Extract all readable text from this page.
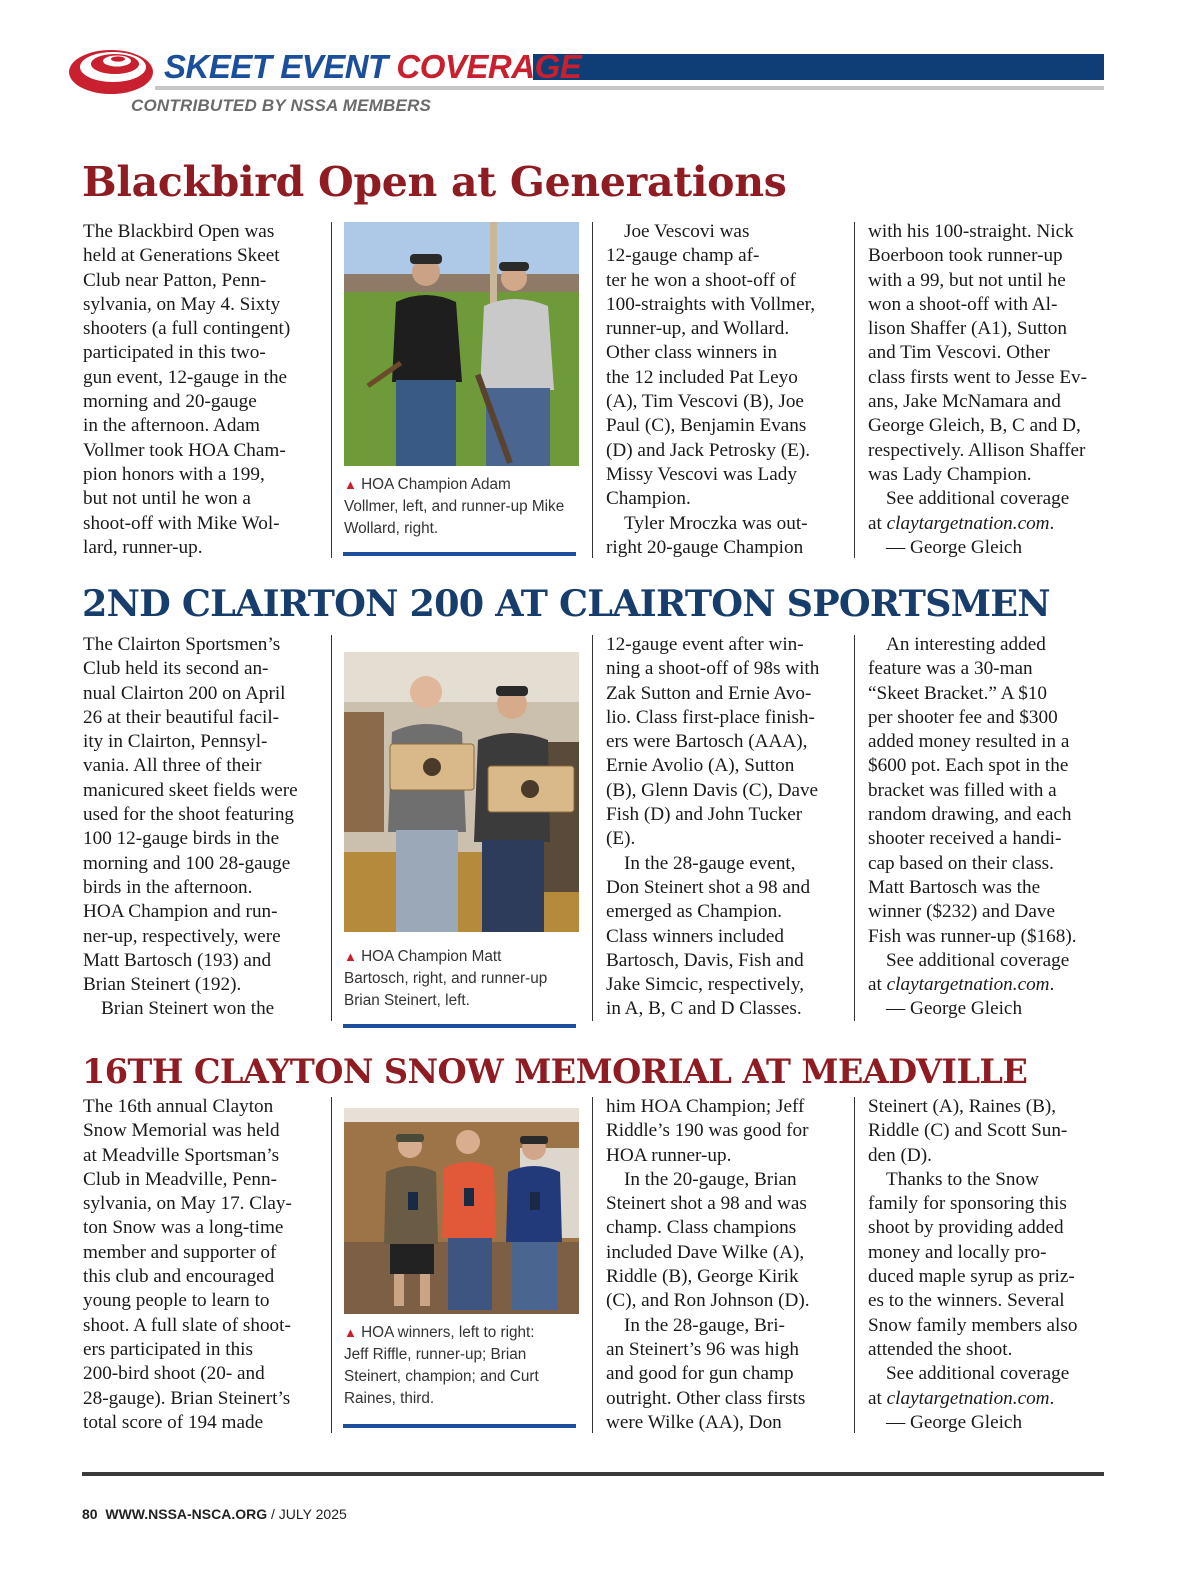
SKEET EVENT COVERAGE
CONTRIBUTED BY NSSA MEMBERS
Blackbird Open at Generations
The Blackbird Open was
held at Generations Skeet
Club near Patton, Penn-
sylvania, on May 4. Sixty
shooters (a full contingent)
participated in this two-
gun event, 12-gauge in the
morning and 20-gauge
in the afternoon. Adam
Vollmer took HOA Cham-
pion honors with a 199,
but not until he won a
shoot-off with Mike Wol-
lard, runner-up.
▲ HOA Champion Adam
Vollmer, left, and runner-up Mike
Wollard, right.
Joe Vescovi was
12-gauge champ af-
ter he won a shoot-off of
100-straights with Vollmer,
runner-up, and Wollard.
Other class winners in
the 12 included Pat Leyo
(A), Tim Vescovi (B), Joe
Paul (C), Benjamin Evans
(D) and Jack Petrosky (E).
Missy Vescovi was Lady
Champion.
Tyler Mroczka was out-
right 20-gauge Champion
with his 100-straight. Nick
Boerboon took runner-up
with a 99, but not until he
won a shoot-off with Al-
lison Shaffer (A1), Sutton
and Tim Vescovi. Other
class firsts went to Jesse Ev-
ans, Jake McNamara and
George Gleich, B, C and D,
respectively. Allison Shaffer
was Lady Champion.
See additional coverage
at claytargetnation.com.
— George Gleich
2ND CLAIRTON 200 AT CLAIRTON SPORTSMEN
The Clairton Sportsmen’s
Club held its second an-
nual Clairton 200 on April
26 at their beautiful facil-
ity in Clairton, Pennsyl-
vania. All three of their
manicured skeet fields were
used for the shoot featuring
100 12-gauge birds in the
morning and 100 28-gauge
birds in the afternoon.
HOA Champion and run-
ner-up, respectively, were
Matt Bartosch (193) and
Brian Steinert (192).
Brian Steinert won the
▲ HOA Champion Matt
Bartosch, right, and runner-up
Brian Steinert, left.
12-gauge event after win-
ning a shoot-off of 98s with
Zak Sutton and Ernie Avo-
lio. Class first-place finish-
ers were Bartosch (AAA),
Ernie Avolio (A), Sutton
(B), Glenn Davis (C), Dave
Fish (D) and John Tucker
(E).
In the 28-gauge event,
Don Steinert shot a 98 and
emerged as Champion.
Class winners included
Bartosch, Davis, Fish and
Jake Simcic, respectively,
in A, B, C and D Classes.
An interesting added
feature was a 30-man
“Skeet Bracket.” A $10
per shooter fee and $300
added money resulted in a
$600 pot. Each spot in the
bracket was filled with a
random drawing, and each
shooter received a handi-
cap based on their class.
Matt Bartosch was the
winner ($232) and Dave
Fish was runner-up ($168).
See additional coverage
at claytargetnation.com.
— George Gleich
16TH CLAYTON SNOW MEMORIAL AT MEADVILLE
The 16th annual Clayton
Snow Memorial was held
at Meadville Sportsman’s
Club in Meadville, Penn-
sylvania, on May 17. Clay-
ton Snow was a long-time
member and supporter of
this club and encouraged
young people to learn to
shoot. A full slate of shoot-
ers participated in this
200-bird shoot (20- and
28-gauge). Brian Steinert’s
total score of 194 made
▲ HOA winners, left to right:
Jeff Riffle, runner-up; Brian
Steinert, champion; and Curt
Raines, third.
him HOA Champion; Jeff
Riddle’s 190 was good for
HOA runner-up.
In the 20-gauge, Brian
Steinert shot a 98 and was
champ. Class champions
included Dave Wilke (A),
Riddle (B), George Kirik
(C), and Ron Johnson (D).
In the 28-gauge, Bri-
an Steinert’s 96 was high
and good for gun champ
outright. Other class firsts
were Wilke (AA), Don
Steinert (A), Raines (B),
Riddle (C) and Scott Sun-
den (D).
Thanks to the Snow
family for sponsoring this
shoot by providing added
money and locally pro-
duced maple syrup as priz-
es to the winners. Several
Snow family members also
attended the shoot.
See additional coverage
at claytargetnation.com.
— George Gleich
80 WWW.NSSA-NSCA.ORG / JULY 2025
